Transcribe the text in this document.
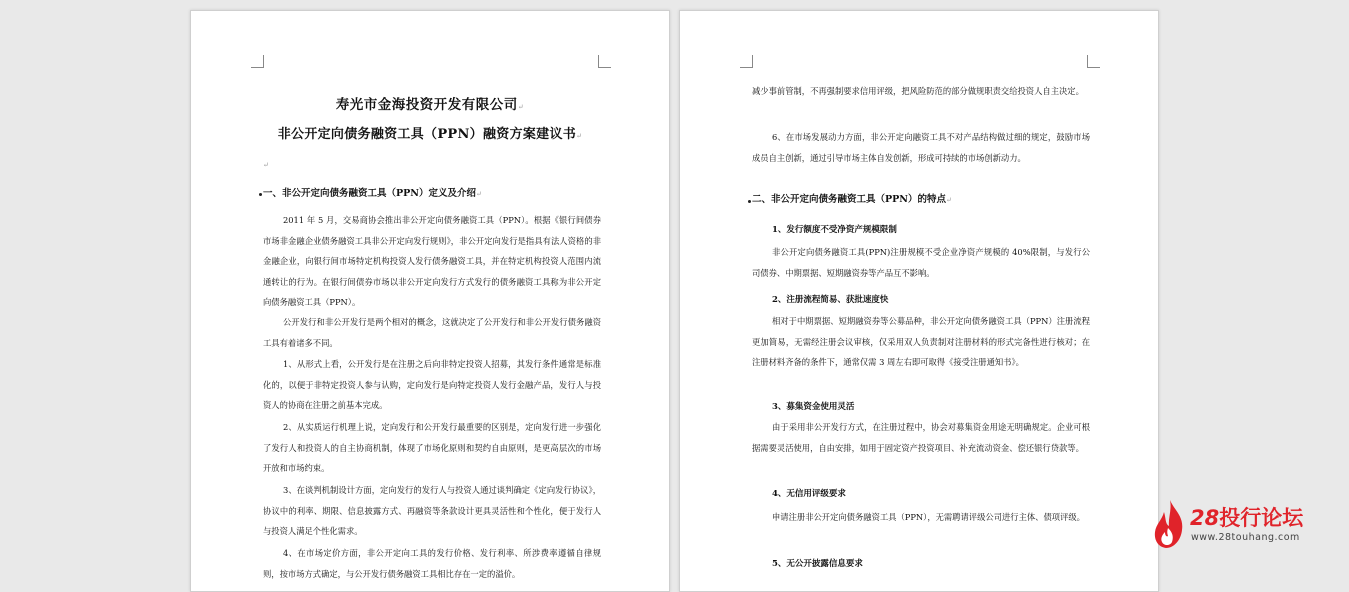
寿光市金海投资开发有限公司↵
非公开定向债务融资工具（PPN）融资方案建议书↵
↵
一、非公开定向债务融资工具（PPN）定义及介绍↵
2011 年 5 月，交易商协会推出非公开定向债务融资工具（PPN）。根据《银行间债券市场非金融企业债务融资工具非公开定向发行规则》，非公开定向发行是指具有法人资格的非金融企业，向银行间市场特定机构投资人发行债务融资工具，并在特定机构投资人范围内流通转让的行为。在银行间债券市场以非公开定向发行方式发行的债务融资工具称为非公开定向债务融资工具（PPN）。
公开发行和非公开发行是两个相对的概念，这就决定了公开发行和非公开发行债务融资工具有着诸多不同。
1、从形式上看，公开发行是在注册之后向非特定投资人招募，其发行条件通常是标准化的，以便于非特定投资人参与认购，定向发行是向特定投资人发行金融产品，发行人与投资人的协商在注册之前基本完成。
2、从实质运行机理上说，定向发行和公开发行最重要的区别是，定向发行进一步强化了发行人和投资人的自主协商机制，体现了市场化原则和契约自由原则，是更高层次的市场开放和市场约束。
3、在谈判机制设计方面，定向发行的发行人与投资人通过谈判确定《定向发行协议》，协议中的利率、期限、信息披露方式、再融资等条款设计更具灵活性和个性化，便于发行人与投资人满足个性化需求。
4、在市场定价方面，非公开定向工具的发行价格、发行利率、所涉费率遵循自律规则，按市场方式确定，与公开发行债务融资工具相比存在一定的溢价。
减少事前管制，不再强制要求信用评级，把风险防范的部分做规职责交给投资人自主决定。
6、在市场发展动力方面，非公开定向融资工具不对产品结构做过细的规定，鼓励市场成员自主创新，通过引导市场主体自发创新，形成可持续的市场创新动力。
二、非公开定向债务融资工具（PPN）的特点↵
1、发行额度不受净资产规模限制
非公开定向债务融资工具(PPN)注册规模不受企业净资产规模的 40%限制，与发行公司债券、中期票据、短期融资券等产品互不影响。
2、注册流程简易、获批速度快
相对于中期票据、短期融资券等公募品种，非公开定向债务融资工具（PPN）注册流程更加简易，无需经注册会议审核，仅采用双人负责制对注册材料的形式完备性进行核对；在注册材料齐备的条件下，通常仅需 3 周左右即可取得《接受注册通知书》。
3、募集资金使用灵活
由于采用非公开发行方式，在注册过程中，协会对募集资金用途无明确规定。企业可根据需要灵活使用，自由安排，如用于固定资产投资项目、补充流动资金、偿还银行贷款等。
4、无信用评级要求
申请注册非公开定向债务融资工具（PPN），无需聘请评级公司进行主体、债项评级。
5、无公开披露信息要求
28投行论坛
www.28touhang.com
